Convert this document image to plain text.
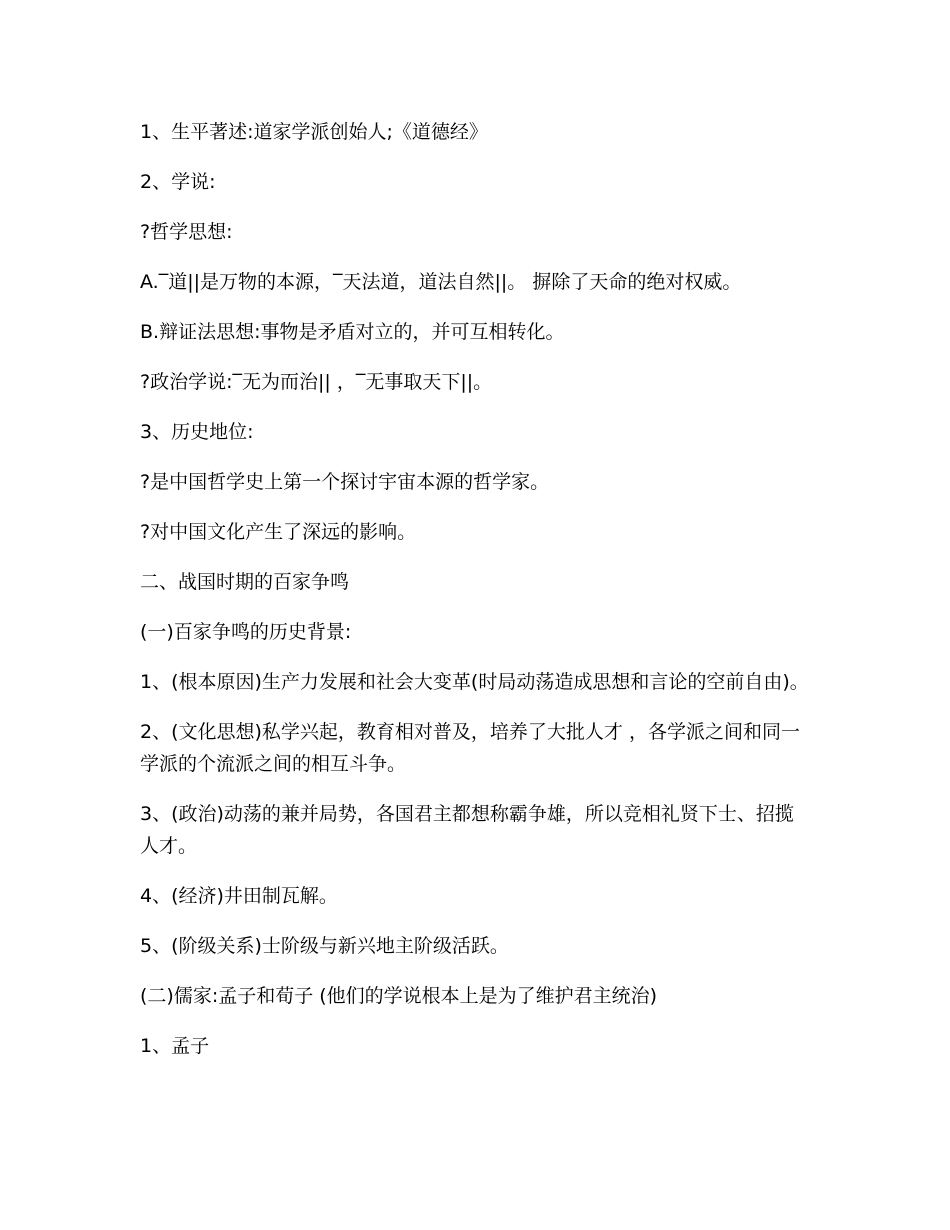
1、生平著述:道家学派创始人;《道德经》

2、学说:

?哲学思想:

A.‾道||是万物的本源，‾天法道，道法自然||。 摒除了天命的绝对权威。

B.辩证法思想:事物是矛盾对立的，并可互相转化。

?政治学说:‾无为而治|| ，‾无事取天下||。

3、历史地位:

?是中国哲学史上第一个探讨宇宙本源的哲学家。

?对中国文化产生了深远的影响。

二、战国时期的百家争鸣

(一)百家争鸣的历史背景:

1、(根本原因)生产力发展和社会大变革(时局动荡造成思想和言论的空前自由)。

2、(文化思想)私学兴起，教育相对普及，培养了大批人才 ，各学派之间和同一学派的个流派之间的相互斗争。

3、(政治)动荡的兼并局势，各国君主都想称霸争雄，所以竞相礼贤下士、招揽人才。

4、(经济)井田制瓦解。

5、(阶级关系)士阶级与新兴地主阶级活跃。

(二)儒家:孟子和荀子 (他们的学说根本上是为了维护君主统治)

1、孟子
